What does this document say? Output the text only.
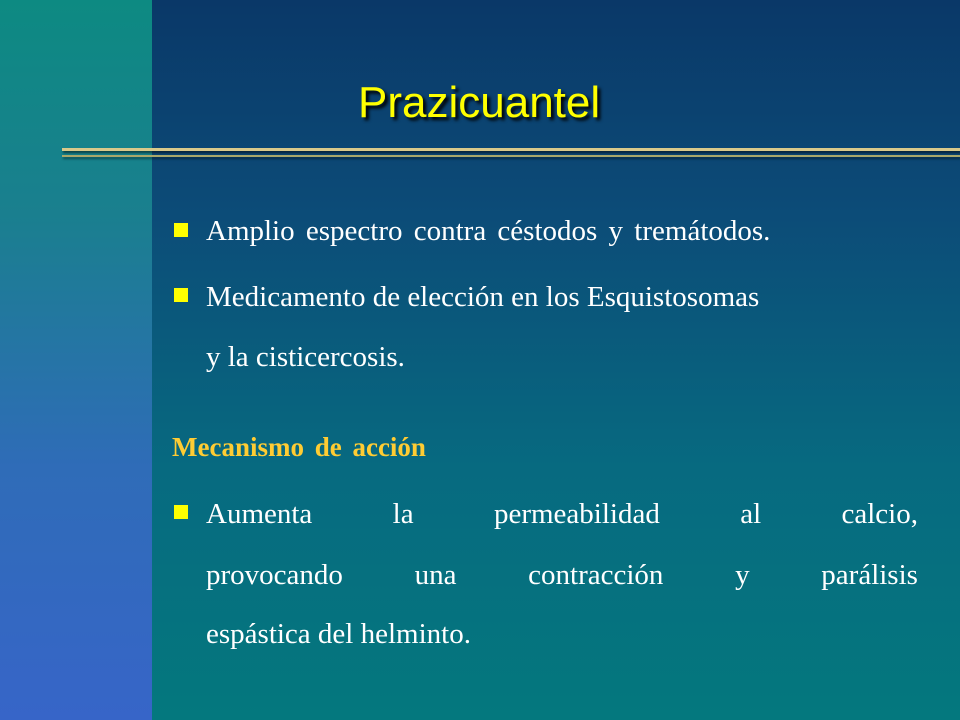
Prazicuantel
Amplio espectro contra céstodos y tremátodos.
Medicamento de elección en los Esquistosomas
y la cisticercosis.
Mecanismo de acción
Aumenta	la	permeabilidad	al	calcio,
provocando una contracción y parálisis
espástica del helminto.
